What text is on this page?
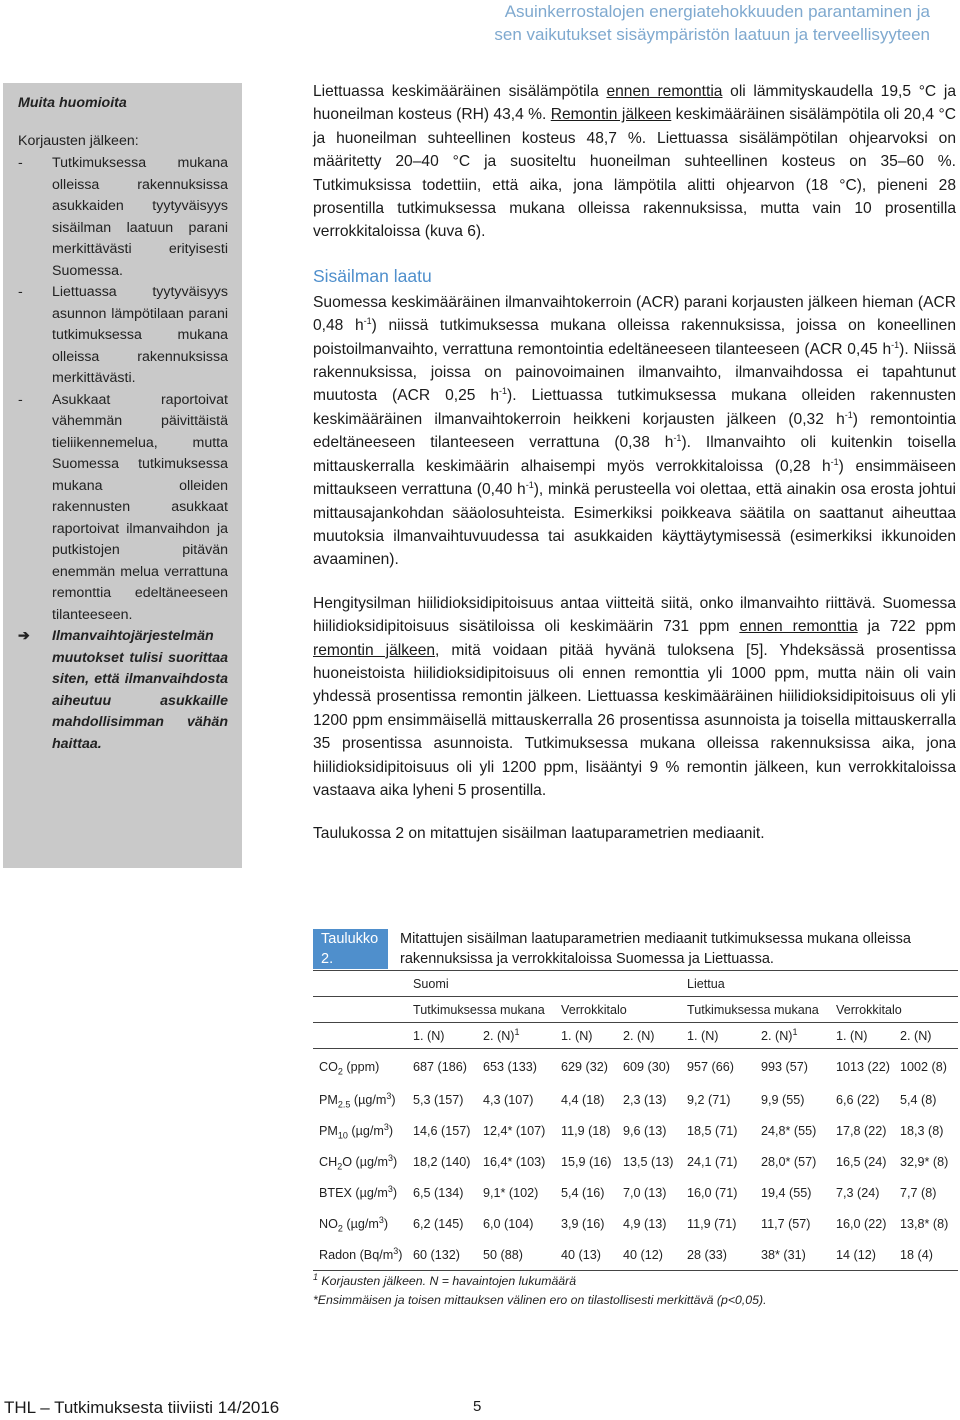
Asuinkerrostalojen energiatehokkuuden parantaminen ja
sen vaikutukset sisäympäristön laatuun ja terveellisyyteen
Muita huomioita
Korjausten jälkeen:
-	Tutkimuksessa mukana olleissa rakennuksissa asukkaiden tyytyväisyys sisäilman laatuun parani merkittävästi erityisesti Suomessa.
-	Liettuassa tyytyväisyys asunnon lämpötilaan parani tutkimuksessa mukana olleissa rakennuksissa merkittävästi.
-	Asukkaat raportoivat vähemmän päivittäistä tieliikennemelua, mutta Suomessa tutkimuksessa mukana olleiden rakennusten asukkaat raportoivat ilmanvaihdon ja putkistojen pitävän enemmän melua verrattuna remonttia edeltäneeseen tilanteeseen.
➔	Ilmanvaihtojärjestelmän muutokset tulisi suorittaa siten, että ilmanvaihdosta aiheutuu asukkaille mahdollisimman vähän haittaa.

Liettuassa keskimääräinen sisälämpötila ennen remonttia oli lämmityskaudella 19,5 °C ja huoneilman kosteus (RH) 43,4 %. Remontin jälkeen keskimääräinen sisälämpötila oli 20,4 °C ja huoneilman suhteellinen kosteus 48,7 %. Liettuassa sisälämpötilan ohjearvoksi on määritetty 20–40 °C ja suositeltu huoneilman suhteellinen kosteus on 35–60 %. Tutkimuksissa todettiin, että aika, jona lämpötila alitti ohjearvon (18 °C), pieneni 28 prosentilla tutkimuksessa mukana olleissa rakennuksissa, mutta vain 10 prosentilla verrokkitaloissa (kuva 6).

Sisäilman laatu

Suomessa keskimääräinen ilmanvaihtokerroin (ACR) parani korjausten jälkeen hieman (ACR 0,48 $h^{-1}$) niissä tutkimuksessa mukana olleissa rakennuksissa, joissa on koneellinen poistoilmanvaihto, verrattuna remontointia edeltäneeseen tilanteeseen (ACR 0,45 $h^{-1}$). Niissä rakennuksissa, joissa on painovoimainen ilmanvaihto, ilmanvaihdossa ei tapahtunut muutosta (ACR 0,25 $h^{-1}$). Liettuassa tutkimuksessa mukana olleiden rakennusten keskimääräinen ilmanvaihtokerroin heikkeni korjausten jälkeen (0,32 $h^{-1}$) remontointia edeltäneeseen tilanteeseen verrattuna (0,38 $h^{-1}$). Ilmanvaihto oli kuitenkin toisella mittauskerralla keskimäärin alhaisempi myös verrokkitaloissa (0,28 $h^{-1}$) ensimmäiseen mittaukseen verrattuna (0,40 $h^{-1}$), minkä perusteella voi olettaa, että ainakin osa erosta johtui mittausajankohdan sääolosuhteista. Esimerkiksi poikkeava säätila on saattanut aiheuttaa muutoksia ilmanvaihtuvuudessa tai asukkaiden käyttäytymisessä (esimerkiksi ikkunoiden avaaminen).

Hengitysilman hiilidioksidipitoisuus antaa viitteitä siitä, onko ilmanvaihto riittävä. Suomessa hiilidioksidipitoisuus sisätiloissa oli keskimäärin 731 ppm ennen remonttia ja 722 ppm remontin jälkeen, mitä voidaan pitää hyvänä tuloksena [5]. Yhdeksässä prosentissa huoneistoista hiilidioksidipitoisuus oli ennen remonttia yli 1000 ppm, mutta näin oli vain yhdessä prosentissa remontin jälkeen. Liettuassa keskimääräinen hiilidioksidipitoisuus oli yli 1200 ppm ensimmäisellä mittauskerralla 26 prosentissa asunnoista ja toisella mittauskerralla 35 prosentissa asunnoista. Tutkimuksessa mukana olleissa rakennuksissa aika, jona hiilidioksidipitoisuus oli yli 1200 ppm, lisääntyi 9 % remontin jälkeen, kun verrokkitaloissa vastaava aika lyheni 5 prosentilla.

Taulukossa 2 on mitattujen sisäilman laatuparametrien mediaanit.

Taulukko 2.
Mitattujen sisäilman laatuparametrien mediaanit tutkimuksessa mukana olleissa rakennuksissa ja verrokkitaloissa Suomessa ja Liettuassa.
	Suomi				Liettua			
	Tutkimuksessa mukana		Verrokkitalo		Tutkimuksessa mukana		Verrokkitalo	
	1. (N)	2. $(N)^1$	1. (N)	2. (N)	1. (N)	2. $(N)^1$	1. (N)	2. (N)
$CO_2$ (ppm)	687 (186)	653 (133)	629 (32)	609 (30)	957 (66)	993 (57)	1013 (22)	1002 (8)
$PM_{2.5}$ $(\mu g/m^3)$	5,3 (157)	4,3 (107)	4,4 (18)	2,3 (13)	9,2 (71)	9,9 (55)	6,6 (22)	5,4 (8)
$PM_{10}$ $(\mu g/m^3)$	14,6 (157)	12,4* (107)	11,9 (18)	9,6 (13)	18,5 (71)	24,8* (55)	17,8 (22)	18,3 (8)
$CH_2O$ $(\mu g/m^3)$	18,2 (140)	16,4* (103)	15,9 (16)	13,5 (13)	24,1 (71)	28,0* (57)	16,5 (24)	32,9* (8)
BTEX $(\mu g/m^3)$	6,5 (134)	9,1* (102)	5,4 (16)	7,0 (13)	16,0 (71)	19,4 (55)	7,3 (24)	7,7 (8)
$NO_2$ $(\mu g/m^3)$	6,2 (145)	6,0 (104)	3,9 (16)	4,9 (13)	11,9 (71)	11,7 (57)	16,0 (22)	13,8* (8)
Radon $(Bq/m^3)$	60 (132)	50 (88)	40 (13)	40 (12)	28 (33)	38* (31)	14 (12)	18 (4)
$^1$ Korjausten jälkeen. N = havaintojen lukumäärä
*Ensimmäisen ja toisen mittauksen välinen ero on tilastollisesti merkittävä (p<0,05).
THL – Tutkimuksesta tiiviisti 14/2016	5
